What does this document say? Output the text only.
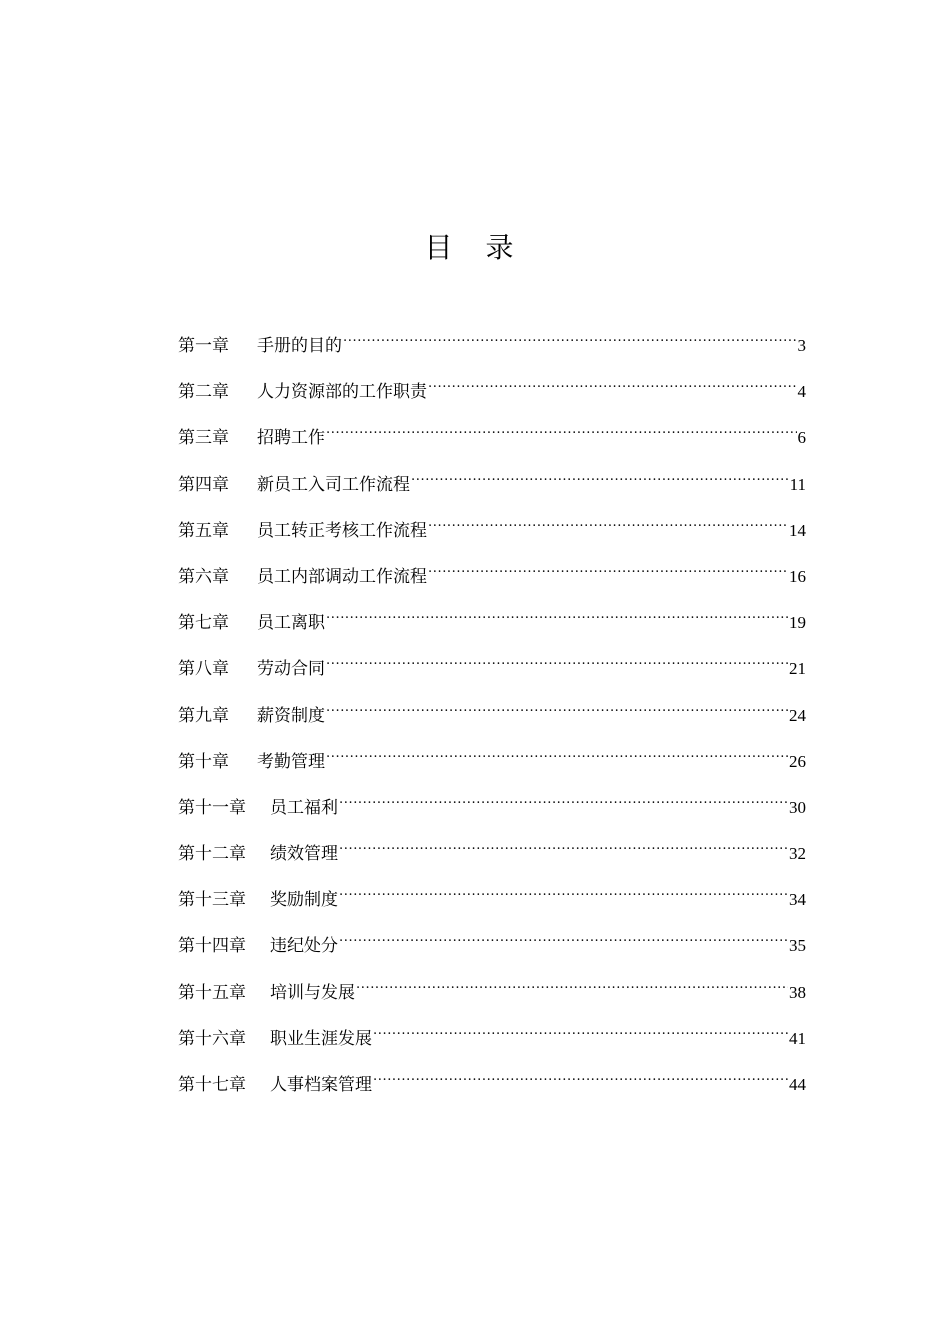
目 录
第一章 手册的目的 .....	3
第二章 人力资源部的工作职责 .....	4
第三章 招聘工作 .....	6
第四章 新员工入司工作流程 .....	11
第五章 员工转正考核工作流程 .....	14
第六章 员工内部调动工作流程 .....	16
第七章 员工离职 .....	19
第八章 劳动合同 .....	21
第九章 薪资制度 .....	24
第十章 考勤管理 .....	26
第十一章 员工福利 .....	30
第十二章 绩效管理 .....	32
第十三章 奖励制度 .....	34
第十四章 违纪处分 .....	35
第十五章 培训与发展 .....	38
第十六章 职业生涯发展 .....	41
第十七章 人事档案管理 .....	44
